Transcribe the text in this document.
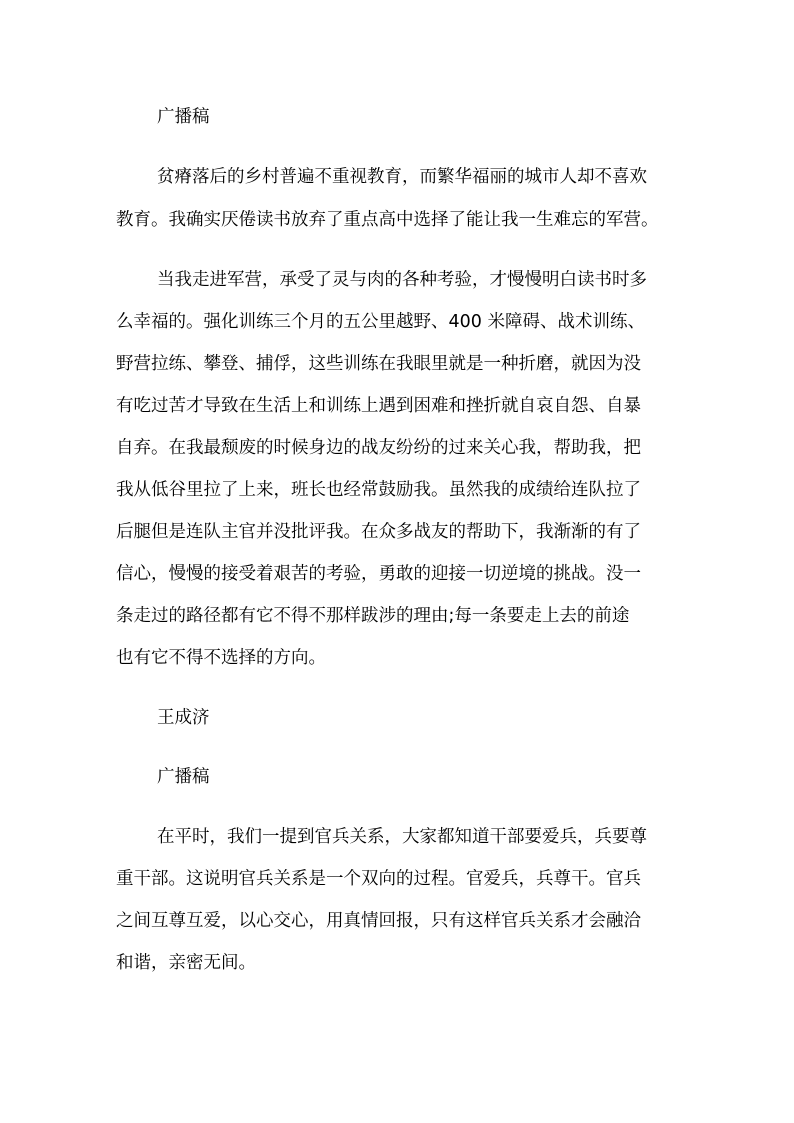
广播稿
贫瘠落后的乡村普遍不重视教育，而繁华福丽的城市人却不喜欢
教育。我确实厌倦读书放弃了重点高中选择了能让我一生难忘的军营。
当我走进军营，承受了灵与肉的各种考验，才慢慢明白读书时多
么幸福的。强化训练三个月的五公里越野、400 米障碍、战术训练、
野营拉练、攀登、捕俘，这些训练在我眼里就是一种折磨，就因为没
有吃过苦才导致在生活上和训练上遇到困难和挫折就自哀自怨、自暴
自弃。在我最颓废的时候身边的战友纷纷的过来关心我，帮助我，把
我从低谷里拉了上来，班长也经常鼓励我。虽然我的成绩给连队拉了
后腿但是连队主官并没批评我。在众多战友的帮助下，我渐渐的有了
信心，慢慢的接受着艰苦的考验，勇敢的迎接一切逆境的挑战。没一
条走过的路径都有它不得不那样跋涉的理由;每一条要走上去的前途
也有它不得不选择的方向。
王成济
广播稿
在平时，我们一提到官兵关系，大家都知道干部要爱兵，兵要尊
重干部。这说明官兵关系是一个双向的过程。官爱兵，兵尊干。官兵
之间互尊互爱，以心交心，用真情回报，只有这样官兵关系才会融洽
和谐，亲密无间。
